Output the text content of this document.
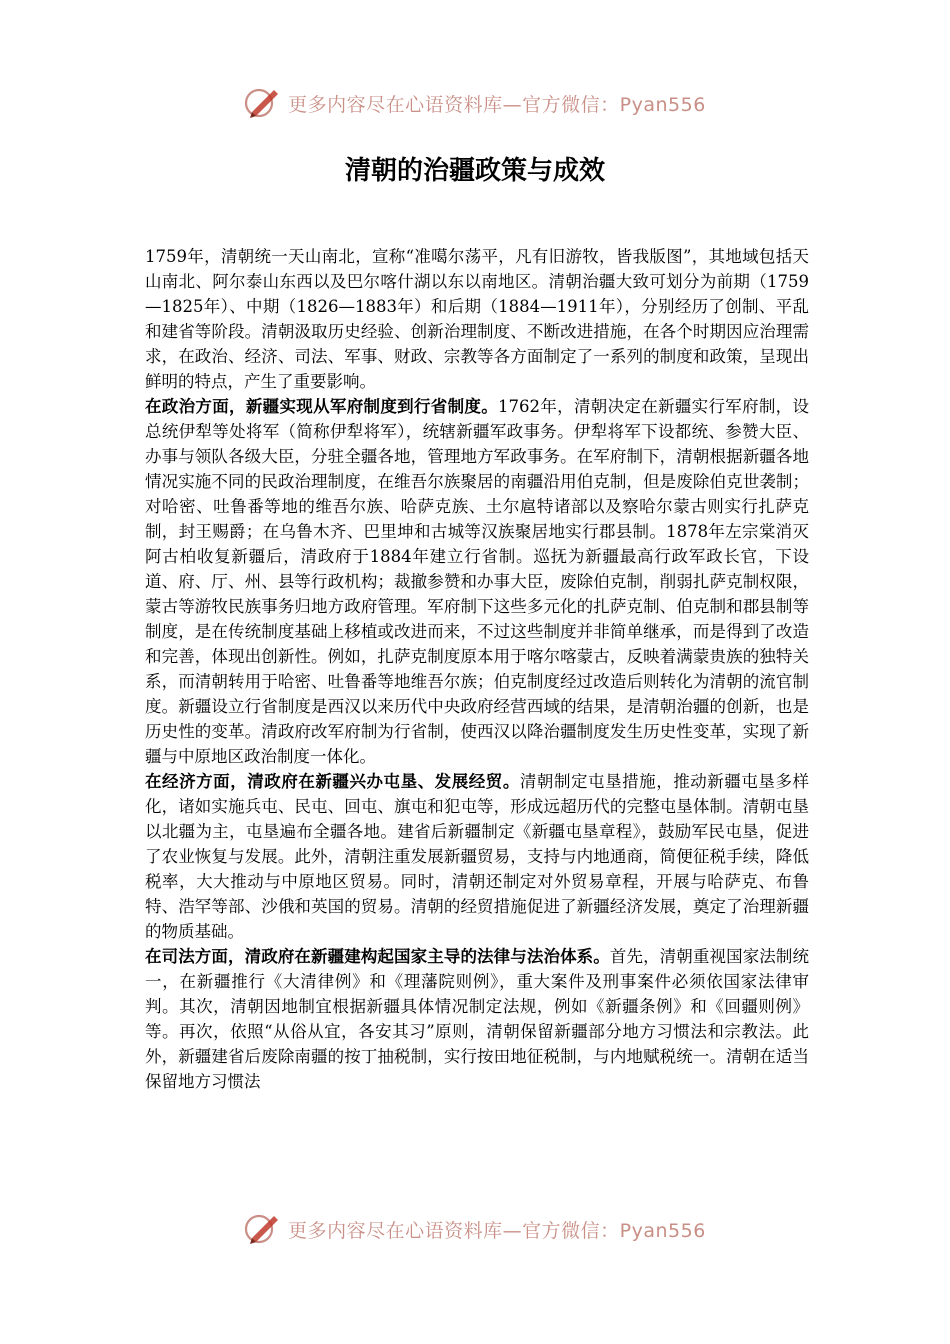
更多内容尽在心语资料库—官方微信：Pyan556
清朝的治疆政策与成效

1759年，清朝统一天山南北，宣称“准噶尔荡平，凡有旧游牧，皆我版图”，其地域包括天山南北、阿尔泰山东西以及巴尔喀什湖以东以南地区。清朝治疆大致可划分为前期（1759—1825年）、中期（1826—1883年）和后期（1884—1911年），分别经历了创制、平乱和建省等阶段。清朝汲取历史经验、创新治理制度、不断改进措施，在各个时期因应治理需求，在政治、经济、司法、军事、财政、宗教等各方面制定了一系列的制度和政策，呈现出鲜明的特点，产生了重要影响。

在政治方面，新疆实现从军府制度到行省制度。1762年，清朝决定在新疆实行军府制，设总统伊犁等处将军（简称伊犁将军），统辖新疆军政事务。伊犁将军下设都统、参赞大臣、办事与领队各级大臣，分驻全疆各地，管理地方军政事务。在军府制下，清朝根据新疆各地情况实施不同的民政治理制度，在维吾尔族聚居的南疆沿用伯克制，但是废除伯克世袭制；对哈密、吐鲁番等地的维吾尔族、哈萨克族、土尔扈特诸部以及察哈尔蒙古则实行扎萨克制，封王赐爵；在乌鲁木齐、巴里坤和古城等汉族聚居地实行郡县制。1878年左宗棠消灭阿古柏收复新疆后，清政府于1884年建立行省制。巡抚为新疆最高行政军政长官，下设道、府、厅、州、县等行政机构；裁撤参赞和办事大臣，废除伯克制，削弱扎萨克制权限，蒙古等游牧民族事务归地方政府管理。军府制下这些多元化的扎萨克制、伯克制和郡县制等制度，是在传统制度基础上移植或改进而来，不过这些制度并非简单继承，而是得到了改造和完善，体现出创新性。例如，扎萨克制度原本用于喀尔喀蒙古，反映着满蒙贵族的独特关系，而清朝转用于哈密、吐鲁番等地维吾尔族；伯克制度经过改造后则转化为清朝的流官制度。新疆设立行省制度是西汉以来历代中央政府经营西域的结果，是清朝治疆的创新，也是历史性的变革。清政府改军府制为行省制，使西汉以降治疆制度发生历史性变革，实现了新疆与中原地区政治制度一体化。

在经济方面，清政府在新疆兴办屯垦、发展经贸。清朝制定屯垦措施，推动新疆屯垦多样化，诸如实施兵屯、民屯、回屯、旗屯和犯屯等，形成远超历代的完整屯垦体制。清朝屯垦以北疆为主，屯垦遍布全疆各地。建省后新疆制定《新疆屯垦章程》，鼓励军民屯垦，促进了农业恢复与发展。此外，清朝注重发展新疆贸易，支持与内地通商，简便征税手续，降低税率，大大推动与中原地区贸易。同时，清朝还制定对外贸易章程，开展与哈萨克、布鲁特、浩罕等部、沙俄和英国的贸易。清朝的经贸措施促进了新疆经济发展，奠定了治理新疆的物质基础。

在司法方面，清政府在新疆建构起国家主导的法律与法治体系。首先，清朝重视国家法制统一，在新疆推行《大清律例》和《理藩院则例》，重大案件及刑事案件必须依国家法律审判。其次，清朝因地制宜根据新疆具体情况制定法规，例如《新疆条例》和《回疆则例》等。再次，依照“从俗从宜，各安其习”原则，清朝保留新疆部分地方习惯法和宗教法。此外，新疆建省后废除南疆的按丁抽税制，实行按田地征税制，与内地赋税统一。清朝在适当保留地方习惯法

更多内容尽在心语资料库—官方微信：Pyan556
